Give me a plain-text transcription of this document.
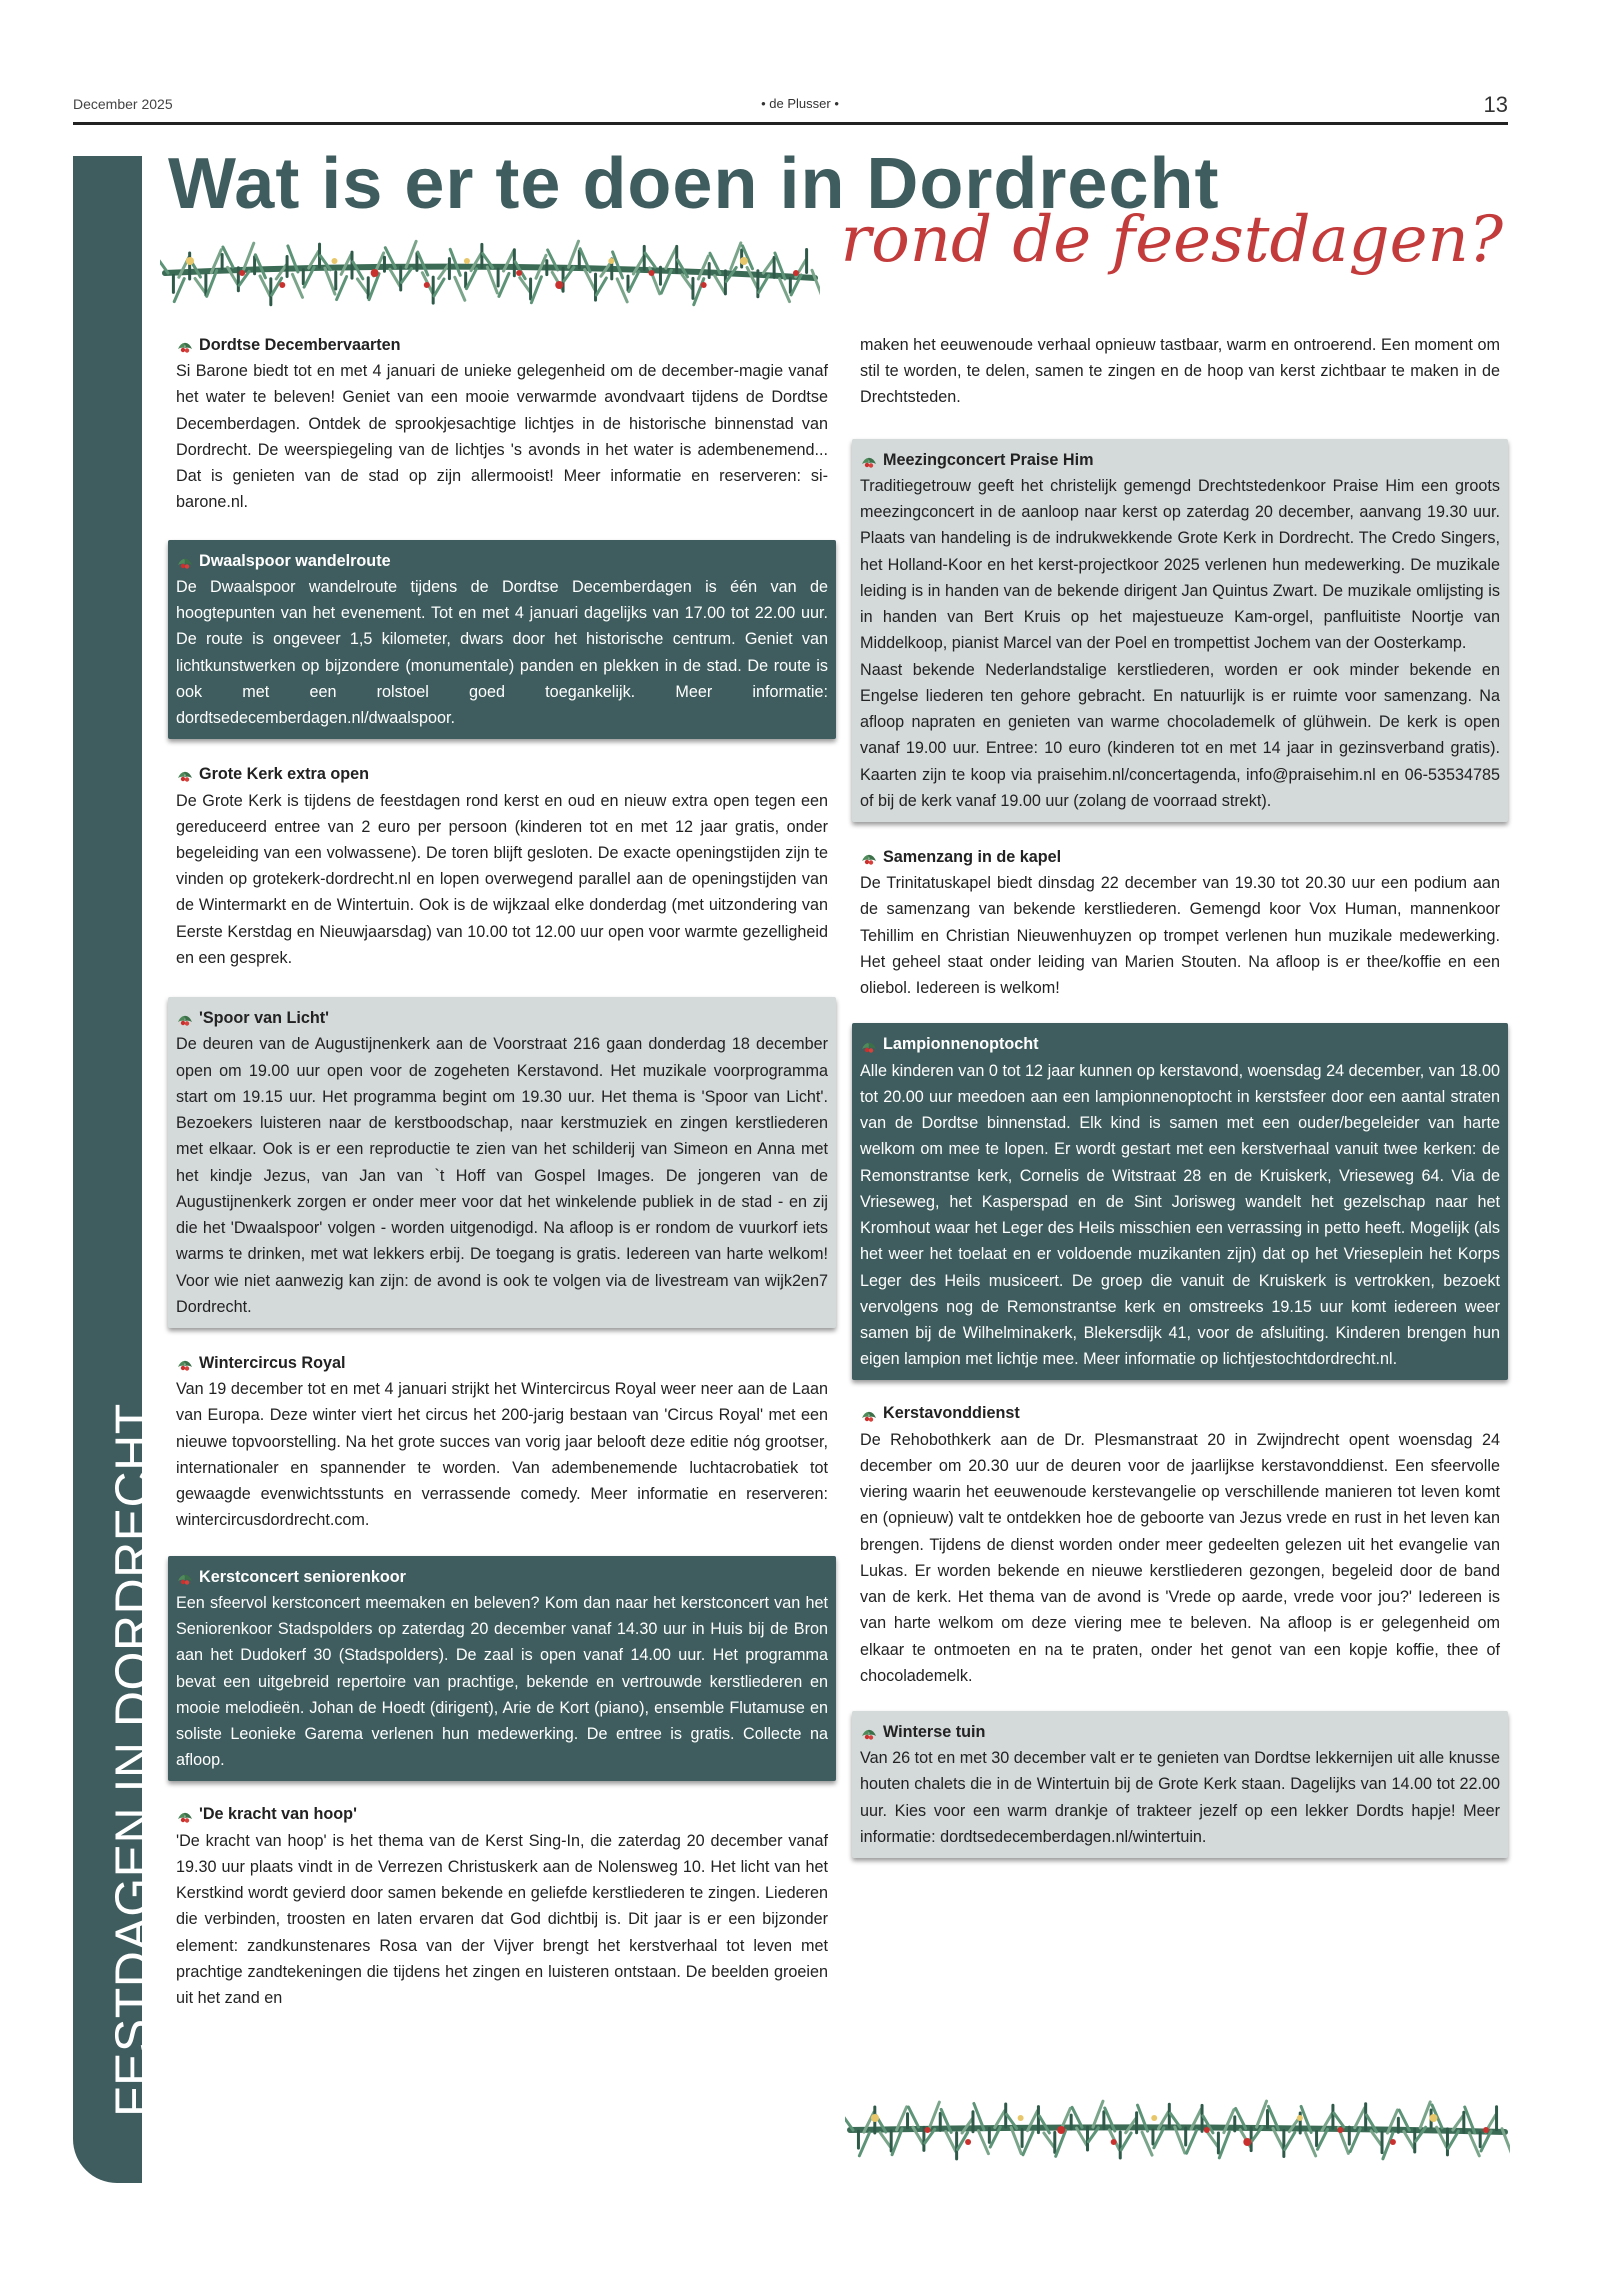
December 2025	• de Plusser •	13
FESTDAGEN IN DORDRECHT
Wat is er te doen in Dordrecht
rond de feestdagen?
Dordtse Decembervaarten

Si Barone biedt tot en met 4 januari de unieke gelegenheid om de december-magie vanaf het water te beleven! Geniet van een mooie verwarmde avondvaart tijdens de Dordtse Decemberdagen. Ontdek de sprookjesachtige lichtjes in de historische binnenstad van Dordrecht. De weerspiegeling van de lichtjes 's avonds in het water is adembenemend... Dat is genieten van de stad op zijn allermooist! Meer informatie en reserveren: si-barone.nl.

Dwaalspoor wandelroute

De Dwaalspoor wandelroute tijdens de Dordtse Decemberdagen is één van de hoogtepunten van het evenement. Tot en met 4 januari dagelijks van 17.00 tot 22.00 uur. De route is ongeveer 1,5 kilometer, dwars door het historische centrum. Geniet van lichtkunstwerken op bijzondere (monumentale) panden en plekken in de stad. De route is ook met een rolstoel goed toegankelijk. Meer informatie: dordtsedecemberdagen.nl/dwaalspoor.

Grote Kerk extra open

De Grote Kerk is tijdens de feestdagen rond kerst en oud en nieuw extra open tegen een gereduceerd entree van 2 euro per persoon (kinderen tot en met 12 jaar gratis, onder begeleiding van een volwassene). De toren blijft gesloten. De exacte openingstijden zijn te vinden op grotekerk-dordrecht.nl en lopen overwegend parallel aan de openingstijden van de Wintermarkt en de Wintertuin. Ook is de wijkzaal elke donderdag (met uitzondering van Eerste Kerstdag en Nieuwjaarsdag) van 10.00 tot 12.00 uur open voor warmte gezelligheid en een gesprek.

'Spoor van Licht'

De deuren van de Augustijnenkerk aan de Voorstraat 216 gaan donderdag 18 december open om 19.00 uur open voor de zogeheten Kerstavond. Het muzikale voorprogramma start om 19.15 uur. Het programma begint om 19.30 uur. Het thema is 'Spoor van Licht'. Bezoekers luisteren naar de kerstboodschap, naar kerstmuziek en zingen kerstliederen met elkaar. Ook is er een reproductie te zien van het schilderij van Simeon en Anna met het kindje Jezus, van Jan van `t Hoff van Gospel Images. De jongeren van de Augustijnenkerk zorgen er onder meer voor dat het winkelende publiek in de stad - en zij die het 'Dwaalspoor' volgen - worden uitgenodigd. Na afloop is er rondom de vuurkorf iets warms te drinken, met wat lekkers erbij. De toegang is gratis. Iedereen van harte welkom! Voor wie niet aanwezig kan zijn: de avond is ook te volgen via de livestream van wijk2en7 Dordrecht.

Wintercircus Royal

Van 19 december tot en met 4 januari strijkt het Wintercircus Royal weer neer aan de Laan van Europa. Deze winter viert het circus het 200-jarig bestaan van 'Circus Royal' met een nieuwe topvoorstelling. Na het grote succes van vorig jaar belooft deze editie nóg grootser, internationaler en spannender te worden. Van adembenemende luchtacrobatiek tot gewaagde evenwichtsstunts en verrassende comedy. Meer informatie en reserveren: wintercircusdordrecht.com.

Kerstconcert seniorenkoor

Een sfeervol kerstconcert meemaken en beleven? Kom dan naar het kerstconcert van het Seniorenkoor Stadspolders op zaterdag 20 december vanaf 14.30 uur in Huis bij de Bron aan het Dudokerf 30 (Stadspolders). De zaal is open vanaf 14.00 uur. Het programma bevat een uitgebreid repertoire van prachtige, bekende en vertrouwde kerstliederen en mooie melodieën. Johan de Hoedt (dirigent), Arie de Kort (piano), ensemble Flutamuse en soliste Leonieke Garema verlenen hun medewerking. De entree is gratis. Collecte na afloop.

'De kracht van hoop'

'De kracht van hoop' is het thema van de Kerst Sing-In, die zaterdag 20 december vanaf 19.30 uur plaats vindt in de Verrezen Christuskerk aan de Nolensweg 10. Het licht van het Kerstkind wordt gevierd door samen bekende en geliefde kerstliederen te zingen. Liederen die verbinden, troosten en laten ervaren dat God dichtbij is. Dit jaar is er een bijzonder element: zandkunstenares Rosa van der Vijver brengt het kerstverhaal tot leven met prachtige zandtekeningen die tijdens het zingen en luisteren ontstaan. De beelden groeien uit het zand en

maken het eeuwenoude verhaal opnieuw tastbaar, warm en ontroerend. Een moment om stil te worden, te delen, samen te zingen en de hoop van kerst zichtbaar te maken in de Drechtsteden.

Meezingconcert Praise Him

Traditiegetrouw geeft het christelijk gemengd Drechtstedenkoor Praise Him een groots meezingconcert in de aanloop naar kerst op zaterdag 20 december, aanvang 19.30 uur. Plaats van handeling is de indrukwekkende Grote Kerk in Dordrecht. The Credo Singers, het Holland-Koor en het kerst-projectkoor 2025 verlenen hun medewerking. De muzikale leiding is in handen van de bekende dirigent Jan Quintus Zwart. De muzikale omlijsting is in handen van Bert Kruis op het majestueuze Kam-orgel, panfluitiste Noortje van Middelkoop, pianist Marcel van der Poel en trompettist Jochem van der Oosterkamp.

Naast bekende Nederlandstalige kerstliederen, worden er ook minder bekende en Engelse liederen ten gehore gebracht. En natuurlijk is er ruimte voor samenzang. Na afloop napraten en genieten van warme chocolademelk of glühwein. De kerk is open vanaf 19.00 uur. Entree: 10 euro (kinderen tot en met 14 jaar in gezinsverband gratis). Kaarten zijn te koop via praisehim.nl/concertagenda, info@praisehim.nl en 06-53534785 of bij de kerk vanaf 19.00 uur (zolang de voorraad strekt).

Samenzang in de kapel

De Trinitatuskapel biedt dinsdag 22 december van 19.30 tot 20.30 uur een podium aan de samenzang van bekende kerstliederen. Gemengd koor Vox Human, mannenkoor Tehillim en Christian Nieuwenhuyzen op trompet verlenen hun muzikale medewerking. Het geheel staat onder leiding van Marien Stouten. Na afloop is er thee/koffie en een oliebol. Iedereen is welkom!

Lampionnenoptocht

Alle kinderen van 0 tot 12 jaar kunnen op kerstavond, woensdag 24 december, van 18.00 tot 20.00 uur meedoen aan een lampionnenoptocht in kerstsfeer door een aantal straten van de Dordtse binnenstad. Elk kind is samen met een ouder/begeleider van harte welkom om mee te lopen. Er wordt gestart met een kerstverhaal vanuit twee kerken: de Remonstrantse kerk, Cornelis de Witstraat 28 en de Kruiskerk, Vrieseweg 64. Via de Vrieseweg, het Kasperspad en de Sint Jorisweg wandelt het gezelschap naar het Kromhout waar het Leger des Heils misschien een verrassing in petto heeft. Mogelijk (als het weer het toelaat en er voldoende muzikanten zijn) dat op het Vrieseplein het Korps Leger des Heils musiceert. De groep die vanuit de Kruiskerk is vertrokken, bezoekt vervolgens nog de Remonstrantse kerk en omstreeks 19.15 uur komt iedereen weer samen bij de Wilhelminakerk, Blekersdijk 41, voor de afsluiting. Kinderen brengen hun eigen lampion met lichtje mee. Meer informatie op lichtjestochtdordrecht.nl.

Kerstavonddienst

De Rehobothkerk aan de Dr. Plesmanstraat 20 in Zwijndrecht opent woensdag 24 december om 20.30 uur de deuren voor de jaarlijkse kerstavonddienst. Een sfeervolle viering waarin het eeuwenoude kerstevangelie op verschillende manieren tot leven komt en (opnieuw) valt te ontdekken hoe de geboorte van Jezus vrede en rust in het leven kan brengen. Tijdens de dienst worden onder meer gedeelten gelezen uit het evangelie van Lukas. Er worden bekende en nieuwe kerstliederen gezongen, begeleid door de band van de kerk. Het thema van de avond is 'Vrede op aarde, vrede voor jou?' Iedereen is van harte welkom om deze viering mee te beleven. Na afloop is er gelegenheid om elkaar te ontmoeten en na te praten, onder het genot van een kopje koffie, thee of chocolademelk.

Winterse tuin

Van 26 tot en met 30 december valt er te genieten van Dordtse lekkernijen uit alle knusse houten chalets die in de Wintertuin bij de Grote Kerk staan. Dagelijks van 14.00 tot 22.00 uur. Kies voor een warm drankje of trakteer jezelf op een lekker Dordts hapje! Meer informatie: dordtsedecemberdagen.nl/wintertuin.
